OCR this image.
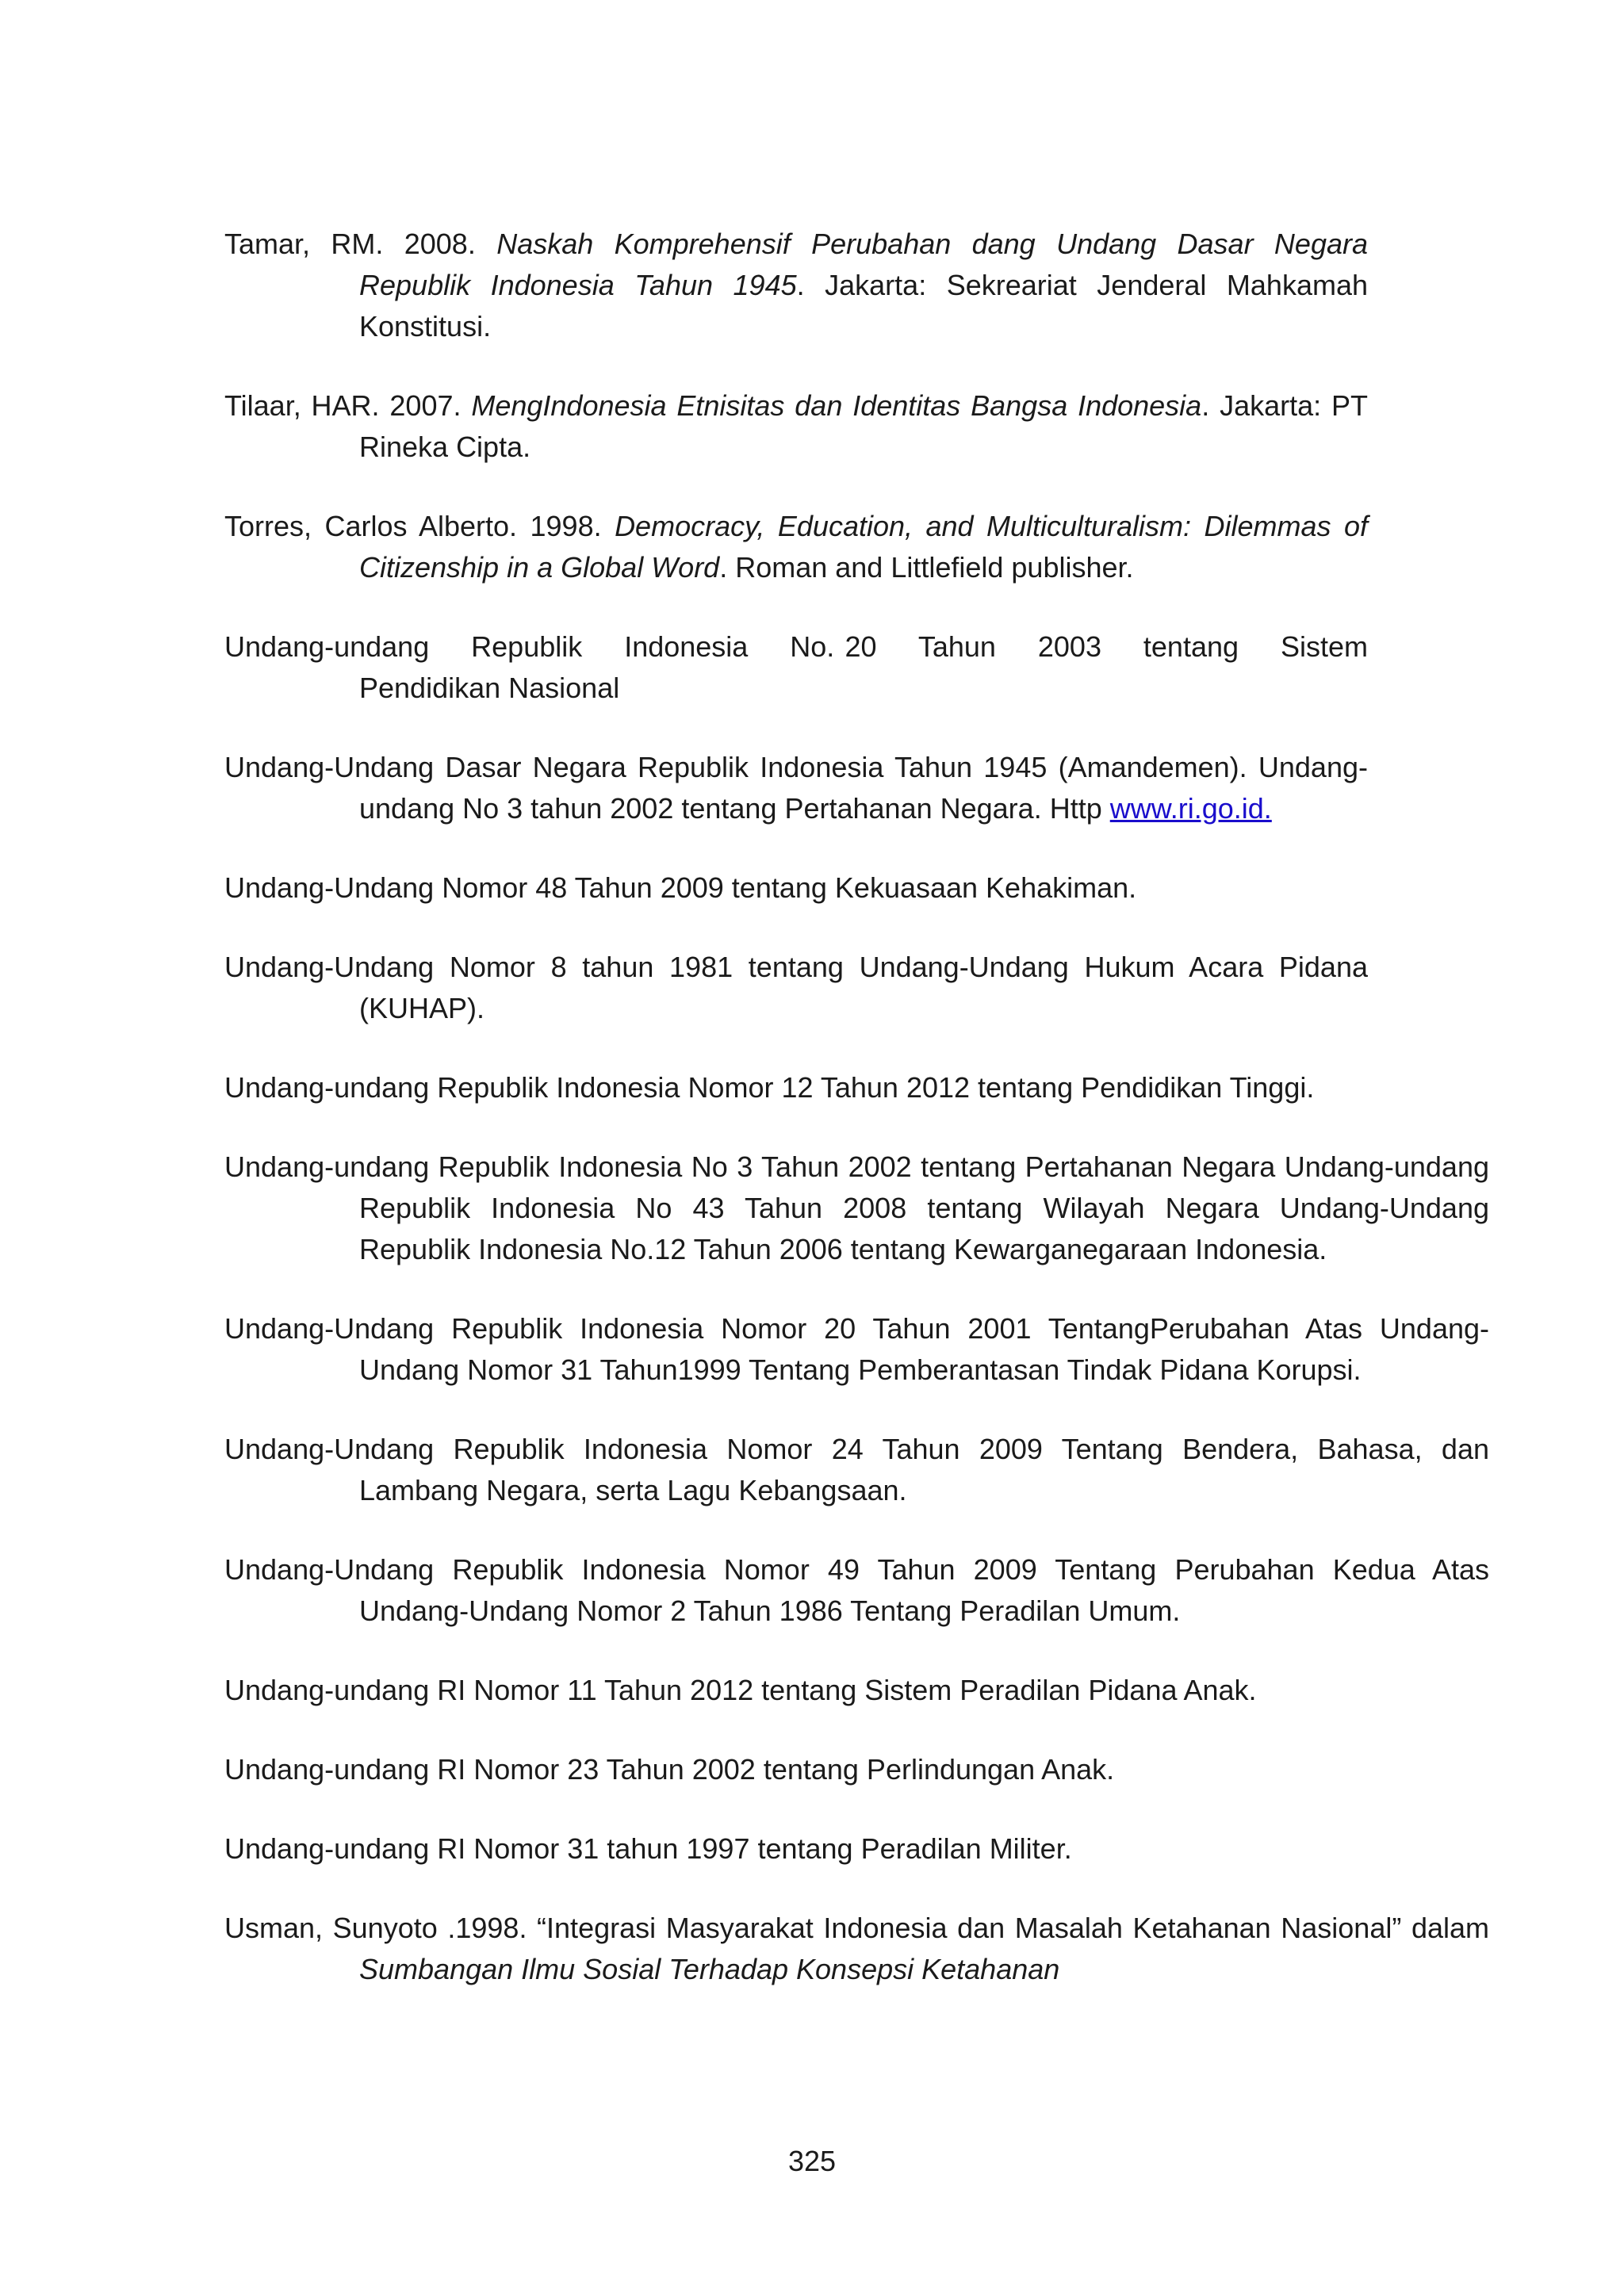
Tamar, RM. 2008. Naskah Komprehensif Perubahan dang Undang Dasar Negara Republik Indonesia Tahun 1945. Jakarta: Sekreariat Jenderal Mahkamah Konstitusi.

Tilaar, HAR. 2007. MengIndonesia Etnisitas dan Identitas Bangsa Indonesia. Jakarta: PT Rineka Cipta.

Torres, Carlos Alberto. 1998. Democracy, Education, and Multiculturalism: Dilemmas of Citizenship in a Global Word. Roman and Littlefield publisher.

Undang-undang    Republik    Indonesia    No. 20    Tahun    2003    tentang    Sistem Pendidikan Nasional

Undang-Undang Dasar Negara Republik Indonesia Tahun 1945 (Amandemen). Undang-undang No 3 tahun 2002 tentang Pertahanan Negara. Http www.ri.go.id.

Undang-Undang Nomor 48 Tahun 2009 tentang Kekuasaan Kehakiman.

Undang-Undang Nomor 8 tahun 1981 tentang Undang-Undang Hukum Acara Pidana (KUHAP).

Undang-undang Republik Indonesia Nomor 12 Tahun 2012 tentang Pendidikan Tinggi.

Undang-undang Republik Indonesia No 3 Tahun 2002 tentang Pertahanan Negara Undang-undang Republik Indonesia No 43 Tahun 2008 tentang Wilayah Negara Undang-Undang Republik Indonesia No.12 Tahun 2006 tentang Kewarganegaraan Indonesia.

Undang-Undang Republik Indonesia Nomor 20 Tahun 2001 TentangPerubahan Atas Undang-Undang Nomor 31 Tahun1999 Tentang Pemberantasan Tindak Pidana Korupsi.

Undang-Undang Republik Indonesia Nomor 24 Tahun 2009 Tentang Bendera, Bahasa, dan Lambang Negara, serta Lagu Kebangsaan.

Undang-Undang Republik Indonesia Nomor 49 Tahun 2009 Tentang Perubahan Kedua Atas Undang-Undang Nomor 2 Tahun 1986 Tentang Peradilan Umum.

Undang-undang RI Nomor 11 Tahun 2012 tentang Sistem Peradilan Pidana Anak.

Undang-undang RI Nomor 23 Tahun 2002 tentang Perlindungan Anak.

Undang-undang RI Nomor 31 tahun 1997 tentang Peradilan Militer.

Usman, Sunyoto .1998. “Integrasi Masyarakat Indonesia dan Masalah Ketahanan Nasional” dalam Sumbangan Ilmu Sosial Terhadap Konsepsi Ketahanan

325
